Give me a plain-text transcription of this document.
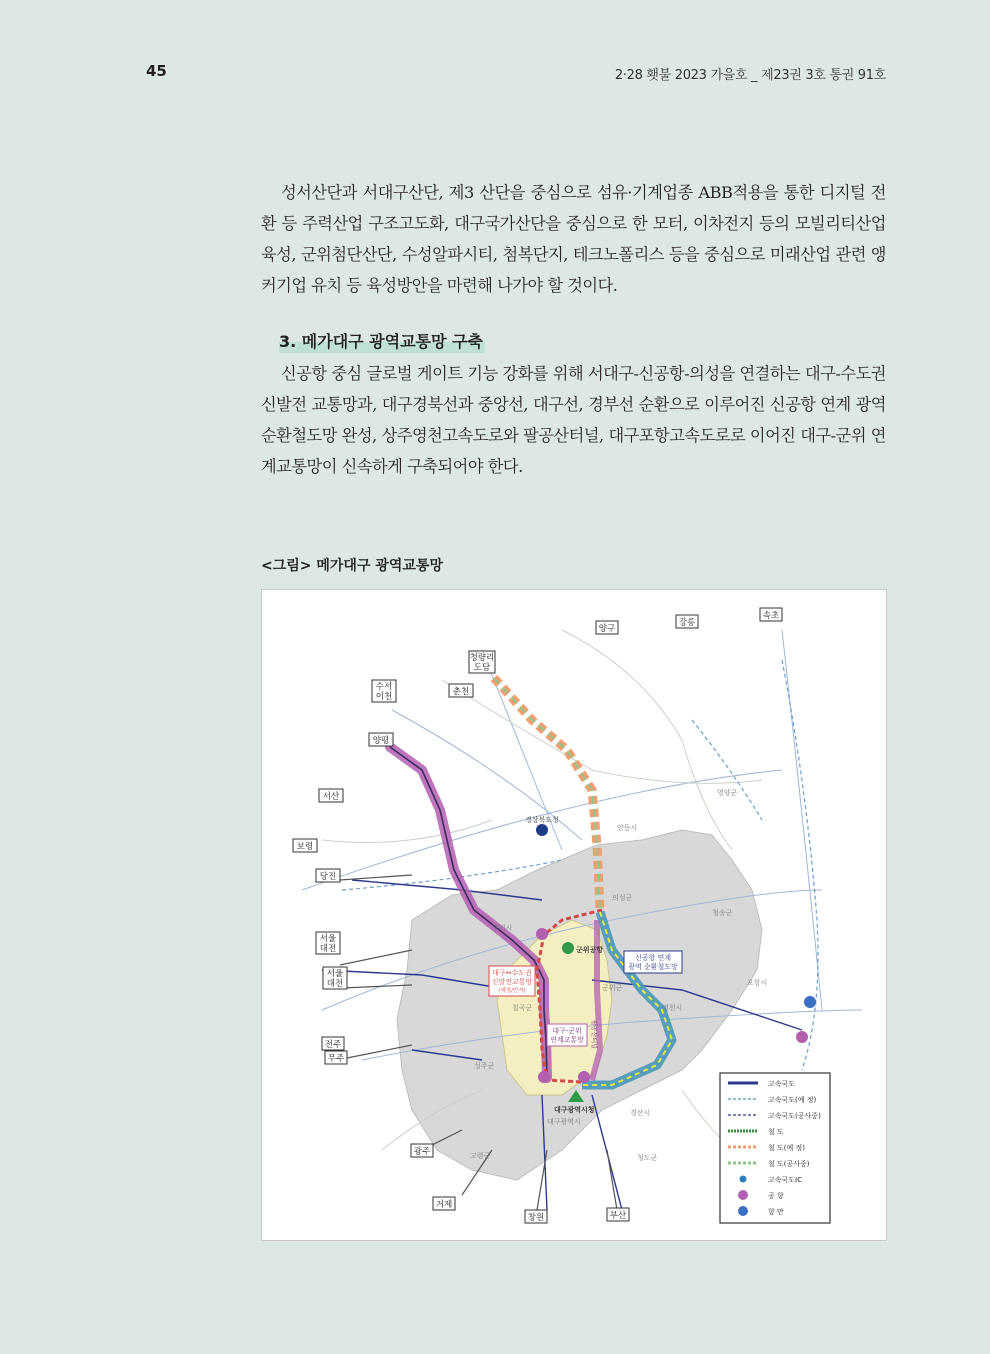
45	2·28 횃불 2023 가을호 _ 제23권 3호 통권 91호

성서산단과 서대구산단, 제3 산단을 중심으로 섬유·기계업종 ABB적용을 통한 디지털 전환 등 주력산업 구조고도화, 대구국가산단을 중심으로 한 모터, 이차전지 등의 모빌리티산업 육성, 군위첨단산단, 수성알파시티, 첨복단지, 테크노폴리스 등을 중심으로 미래산업 관련 앵커기업 유치 등 육성방안을 마련해 나가야 할 것이다.

3. 메가대구 광역교통망 구축

신공항 중심 글로벌 게이트 기능 강화를 위해 서대구-신공항-의성을 연결하는 대구-수도권 신발전 교통망과, 대구경북선과 중앙선, 대구선, 경부선 순환으로 이루어진 신공항 연계 광역 순환철도망 완성, 상주영천고속도로와 팔공산터널, 대구포항고속도로로 이어진 대구-군위 연계교통망이 신속하게 구축되어야 한다.

<그림> 메가대구 광역교통망
양구
강릉
속초
청량리
도담
수서
이천	춘천
양평
서산
보령
당진
서울
대전
서울
대전
전주
무주
광주
거제
창원	부산
경상북도청
군위공항
대구광역시청
구미시
칠곡군
군위군
의성군
영천시
경산시
청도군
고령군
성주군
대구광역시
청송군
안동시
영양군
포항시
대구↔수도권
신발전교통망
(예정/민자)
대구-군위
연계교통망
신공항 연계
광역 순환철도망
팔공산터널
고속국도
고속국도(예 정)
고속국도(공사중)
철 도
철 도(예 정)
철 도(공사중)
고속국도IC
공 항
항 만
